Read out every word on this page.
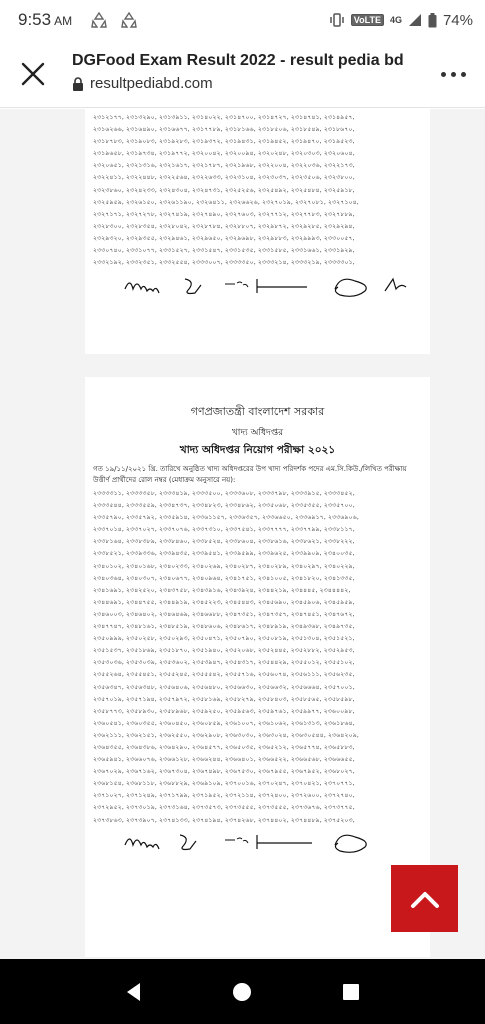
9:53 AM	VoLTE	4G	74%
DGFood Exam Result 2022 - result pedia bd
resultpediabd.com
২৩১২১৭৭, ২৩১৩২৯০, ২৩১৩৯১১, ২৩১৪০২২, ২৩১৪৭০০, ২৩১৪৭২৭, ২৩১৪৭৪১, ২৩১৪৯৫৭,
২৩১৬২৬৬, ২৩১৬৪৯০, ২৩১৬৬৭৭, ২৩১৭৭৮৯, ২৩১৮১৬৬, ২৩১৮৫০৬, ২৩১৮৫৪৯, ২৩১৮৬৭০,
২৩১৮৭৮৩, ২৩১৯০৮৩, ২৩১৯২৮৩, ২৩১৯৩৭২, ২৩১৯৪৩১, ২৩১৯৪৫২, ২৩১৯৪৭০, ২৩১৯৫২৩,
২৩১৯৬৫৮, ২৩১৯৭৩৪, ২৩১৯৭৭২, ২৩২০০৪২, ২৩২০০৯৪, ২৩২০২৪৮, ২৩২০৩০৩, ২৩২০৬০৪,
২৩২০৬৫১, ২৩২১৩১৬, ২৩২১৬১৭, ২৩২১৭৮৭, ২৩২১৯৬৮, ২৩২২০০৪, ২৩২২০৩৬, ২৩২২১৭৩,
২৩২২৪১১, ২৩২২৪৪৮, ২৩২২৫৬৪, ২৩২২৬৩৩, ২৩২৩১০৪, ২৩২৩০৩৭, ২৩২৩৫০৬, ২৩২৩৮০০,
২৩২৩৮৬০, ২৩২৪২৩৩, ২৩২৪৩০৪, ২৩২৪৭৩১, ২৩২৫২৫৬, ২৩২৫৪৯২, ২৩২৫৪৮৪, ২৩২৫৯১৮,
২৩২৫৯৫৯, ২৩২৬১৫০, ২৩২৬১১৯০, ২৩২৬৪১১, ২৩২৬৬২৬, ২৩২৭০১৯, ২৩২৭০৮১, ২৩২৭১০৪,
২৩২৭১৭১, ২৩২৭২৭৮, ২৩২৭৪১৯, ২৩২৭৪৯০, ২৩২৭৬০৩, ২৩২৭৭১২, ২৩২৭৭৮৩, ২৩২৭৮৮৯,
২৩২৮৩০০, ২৩২৮৩৫৪, ২৩২৮০৪২, ২৩২৮৭৮৪, ২৩২৮৮০৭, ২৩২৯৮৭২, ২৩২৯২৮৫, ২৩২৯২৯৪,
২৩২৯৩২০, ২৩২৯৩৫৫, ২৩২৯৪৬১, ২৩২৯৬৫০, ২৩২৯৬৯৮, ২৩২৯৮৮৩, ২৩২৯৯৯৩, ২৩৩০০৫৭,
২৩৩০৭৪০, ২৩৩১০৭৭, ২৩৩১৫২৭, ২৩৩১৫৪৭, ২৩৩১৫৩৫, ২৩৩১৫৮৫, ২৩৩১৬৬১, ২৩৩১৯২৯,
২৩৩২১৯২, ২৩৩২৩৫১, ২৩৩২৫৫৪, ২৩৩৩০০৭, ২৩৩৩৩৫০, ২৩৩৩২১৪, ২৩৩৩২১৯, ২৩৩৩৩০১,
গণপ্রজাতন্ত্রী বাংলাদেশ সরকার
খাদ্য অধিদপ্তর
খাদ্য অধিদপ্তর নিয়োগ পরীক্ষা ২০২১
গত ১৯/১১/২০২১ খ্রি. তারিখে অনুষ্ঠিত খাদ্য অধিদপ্তরের উপ খাদ্য পরিদর্শক পদের এম.সি.কিউ./লিখিত পরীক্ষায় উত্তীর্ণ প্রার্থীদের রোল নম্বর (মেধাক্রম অনুসারে নয়):
২৩৩৩৩১১, ২৩৩৩৩৫৮, ২৩৩৩৪১৯, ২৩৩৩৫০০, ২৩৩৩৬০৮, ২৩৩৩৭৯৮, ২৩৩৩৯১৫, ২৩৩৩৪৫২,
২৩৩৩৫৪৪, ২৩৩৩৫৫৯, ২৩৩৪৭৩৭, ২৩৩৪৮২৩, ২৩৩৪৮৬২, ২৩৩৫০৬৮, ২৩৩৫৩৫৫, ২৩৩৫৭০০,
২৩৩৫৭৯০, ২৩৩৫৭৯২, ২৩৩৫৯১৪, ২৩৩৬১১৫৭, ২৩৩৬৩৫৭, ২৩৩৬৬৫০, ২৩৩৬৯১৭, ২৩৩৬৯০৬,
২৩৩৭০১৪, ২৩৩৭০২৭, ২৩৩৭০৭৬, ২৩৩৭৩১০, ২৩৩৭৫৪১, ২৩৩৭৭৭৭, ২৩৩৭৭৯৯, ২৩৩৮১১৭,
২৩৩৮১৬৪, ২৩৩৮৩৮৯, ২৩৩৮৪৬০, ২৩৩৮৫২৪, ২৩৩৮৬০৪, ২৩৩৮৬১৬, ২৩৩৮৬২১, ২৩৩৮২২২,
২৩৩৮৫২১, ২৩৩৯৩৩৬, ২৩৩৯৪৩৫, ২৩৩৯৫৪১, ২৩৩৯৫৯৯, ২৩৩৯৬২৫, ২৩৩৯৯০৯, ২৩৪০০৩৫,
২৩৪০১০২, ২৩৪০১৬৮, ২৩৪০২৩৩, ২৩৪০২৬৯, ২৩৪০২৮৭, ২৩৪০২৮৯, ২৩৪০২৯৭, ২৩৪০২২৯,
২৩৪০৩৬৪, ২৩৪০৩০৭, ২৩৪০৬৭৭, ২৩৪০৯৬৪, ২৩৪১৭৫১, ২৩৪১০০৫, ২৩৪১৮২০, ২৩৪১৩৩৫,
২৩৪১৬৯১, ২৩৪২৫২০, ২৩৪৩৭৫৮, ২৩৪৩৯১৬, ২৩৪৩৯২৪, ২৩৪৪২১৯, ২৩৪৪৪৫, ২৩৪৪৪৪২,
২৩৪৪৬৯১, ২৩৪৪৭৫৫, ২৩৪৪৯১৯, ২৩৪৫২২৩, ২৩৪৫৪৪৩, ২৩৪৫৬৯০, ২৩৪৫৯০৬, ২৩৪৫৯৫৯,
২৩৪৬০০৩, ২৩৪৬৪০২, ২৩৪৬৪৬৯, ২৩৪৬৬৮৮, ২৩৪৭৩৫১, ২৩৪৭৩৫৭, ২৩৪৭৪৫১, ২৩৪৭৬৭২,
২৩৪৭৭৪৭, ২৩৪৮১৬১, ২৩৪৮৫১৯, ২৩৪৮৬০৬, ২৩৪৮৬১৭, ২৩৪৮৯১৯, ২৩৪৯৩৬৮, ২৩৪৯৭৩৫,
২৩৫০৯৯৯, ২৩৫০২৫৮, ২৩৫০২৯৩, ২৩৫০৪৭১, ২৩৫০৭৯০, ২৩৫০৮১৯, ২৩৫১৩০৪, ২৩৫১৫২১,
২৩৫১৫৩৭, ২৩৫১৮৬৯, ২৩৫১৮৭০, ২৩৫১৯৪০, ২৩৫২০৬৮, ২৩৫২৪৪৫, ২৩৫২৮৮২, ২৩৫২৯৫৩,
২৩৫৩০৩৬, ২৩৫৩০৩৯, ২৩৫৩৬০২, ২৩৫৩৯৪৭, ২৩৫৪৩১৭, ২৩৫৪৪২৯, ২৩৫৫০১২, ২৩৫৫১০২,
২৩৫৫২৬৪, ২৩৫৫৪৫১, ২৩৫৫২৪৫, ২৩৫৫৫৪২, ২৩৫৫৭১৬, ২৩৫৬০৭৪, ২৩৫৬১১১, ২৩৫৬২৩৫,
২৩৫৬৩৪৭, ২৩৫৬৩৪৮, ২৩৫৬৪০৬, ২৩৫৬৪৮০, ২৩৫৬৬৩০, ২৩৫৬৬৩২, ২৩৫৬৬৬৪, ২৩৫৭০০১,
২৩৫৭০১৯, ২৩৫৭১৯৪, ২৩৫৭৯৭২, ২৩৫৮১৬৯, ২৩৫৮২৭৯, ২৩৫৮৪০৩, ২৩৫৮৫৬৫, ২৩৫৮৫৯৮,
২৩৫৮৭৭৩, ২৩৫৮৯৩০, ২৩৫৮৯৬৮, ২৩৫৯২৫০, ২৩৫৯৫৬৩, ২৩৫৯৭৬১, ২৩৫৯৯৭৭, ২৩৬০০৯৮,
২৩৬০৫৪১, ২৩৬০৩৫৫, ২৩৬০৪৫০, ২৩৬০৮৫৯, ২৩৬১০০৭, ২৩৬১০৬২, ২৩৬১৩১৩, ২৩৬১৮৬৪,
২৩৬২১১১, ২৩৬২১৫১, ২৩৬২৫৫০, ২৩৬২৯০৮, ২৩৬৩০৩০, ২৩৬৩০২৪, ২৩৬৩০৫৪৪, ২৩৬৪২০৯,
২৩৬৪৩৫৫, ২৩৬৪৩৮৬, ২৩৬৪২৯০, ২৩৬৪৫৭৭, ২৩৬৫০৩৫, ২৩৬৫২১২, ২৩৬৫৭৭৪, ২৩৬৫৮৮৩,
২৩৬৫৯৪১, ২৩৬৬০৭৬, ২৩৬৬১২৮, ২৩৬৬২৪৪, ২৩৬৬৪০১, ২৩৬৬৫২২, ২৩৬৬৫৬৮, ২৩৬৬৬৫৫,
২৩৬৭০২৯, ২৩৬৭১৬২, ২৩৬৭৩০৪, ২৩৬৭৪৯৮, ২৩৬৭৫৩০, ২৩৬৭৯৫৫, ২৩৬৭৯৫২, ২৩৬৮০২৭,
২৩৬৮১৫৪, ২৩৬৮১১৮, ২৩৬৮৮২৯, ২৩৬৯১০৯, ২৩৭০০১৬, ২৩৭০২৪৭, ২৩৭০৪২১, ২৩৭০৭৭১,
২৩৭১০২৭, ২৩৭১২৪৯, ২৩৭১৭৯৯, ২৩৭১৯৫২, ২৩৭২১১৪, ২৩৭২৪০০, ২৩৭২৬০০, ২৩৭২৭৪০,
২৩৭২৯৫২, ২৩৭৩০১৯, ২৩৭৩১৬৪, ২৩৭৩৫৭৩, ২৩৭৩৫৫৫, ২৩৭৩৫৫৫, ২৩৭৩৬৭৬, ২৩৭৩৭৭৫,
২৩৭৩৮৬৩, ২৩৭৩৯০৭, ২৩৭৪১৩৩, ২৩৭৪১৯৪, ২৩৭৪২৬৮, ২৩৭৪৪০২, ২৩৭৪৪৮৯, ২৩৭৫২০৩,
